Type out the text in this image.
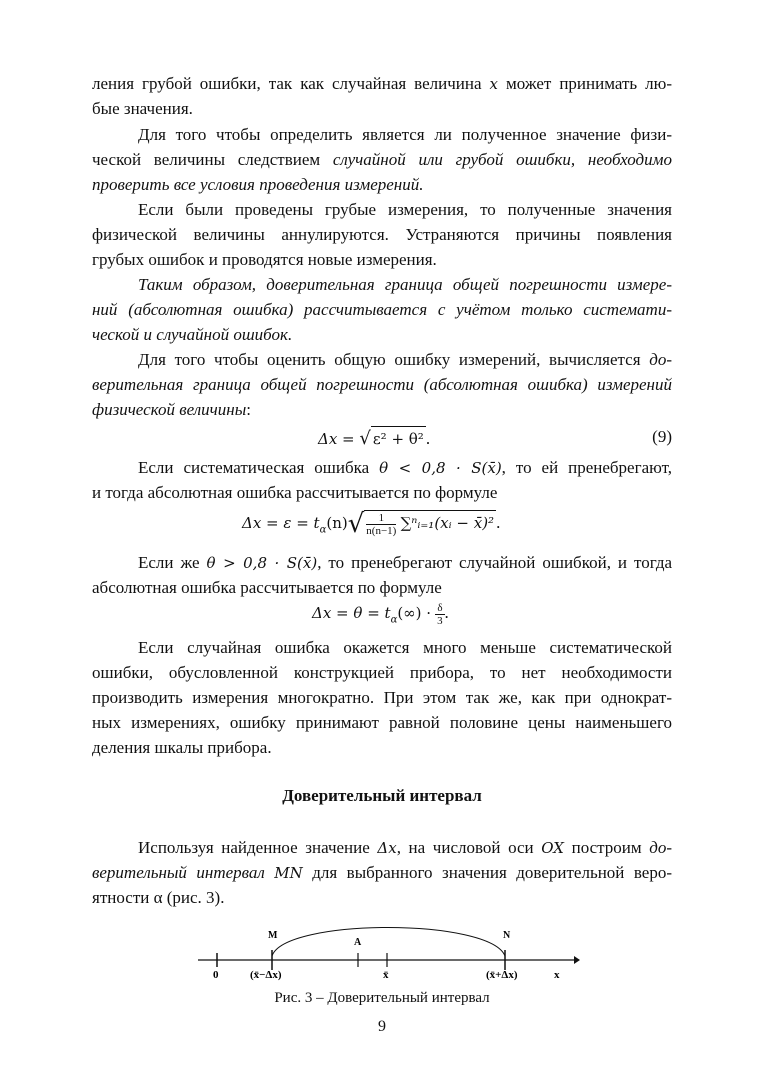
ления грубой ошибки, так как случайная величина x может принимать лю-
бые значения.
Для того чтобы определить является ли полученное значение физи-
ческой величины следствием случайной или грубой ошибки, необходимо
проверить все условия проведения измерений.
Если были проведены грубые измерения, то полученные значения
физической величины аннулируются. Устраняются причины появления
грубых ошибок и проводятся новые измерения.
Таким образом, доверительная граница общей погрешности измере-
ний (абсолютная ошибка) рассчитывается с учётом только системати-
ческой и случайной ошибок.
Для того чтобы оценить общую ошибку измерений, вычисляется до-
верительная граница общей погрешности (абсолютная ошибка) измерений
физической величины:
Δx = √ ε² + θ² .	(9)
Если систематическая ошибка θ < 0,8 · S(x̄), то ей пренебрегают,
и тогда абсолютная ошибка рассчитывается по формуле
$\Delta x = \varepsilon = t_\alpha(n)√ \frac{1}{n(n-1)}$ ∑ⁿᵢ₌₁(xᵢ − x̄)² .
Если же θ > 0,8 · S(x̄), то пренебрегают случайной ошибкой, и тогда
абсолютная ошибка рассчитывается по формуле
$\Delta x = \theta = t_\alpha(\infty) \cdot \frac{\delta}{3}$ .
Если случайная ошибка окажется много меньше систематической
ошибки, обусловленной конструкцией прибора, то нет необходимости
производить измерения многократно. При этом так же, как при однократ-
ных измерениях, ошибку принимают равной половине цены наименьшего
деления шкалы прибора.
Доверительный интервал
Используя найденное значение Δx, на числовой оси OX построим до-
верительный интервал MN для выбранного значения доверительной веро-
ятности α (рис. 3).
M
A
N
0	(x̄−Δx)	x̄	(x̄+Δx)	x
Рис. 3 – Доверительный интервал
9
